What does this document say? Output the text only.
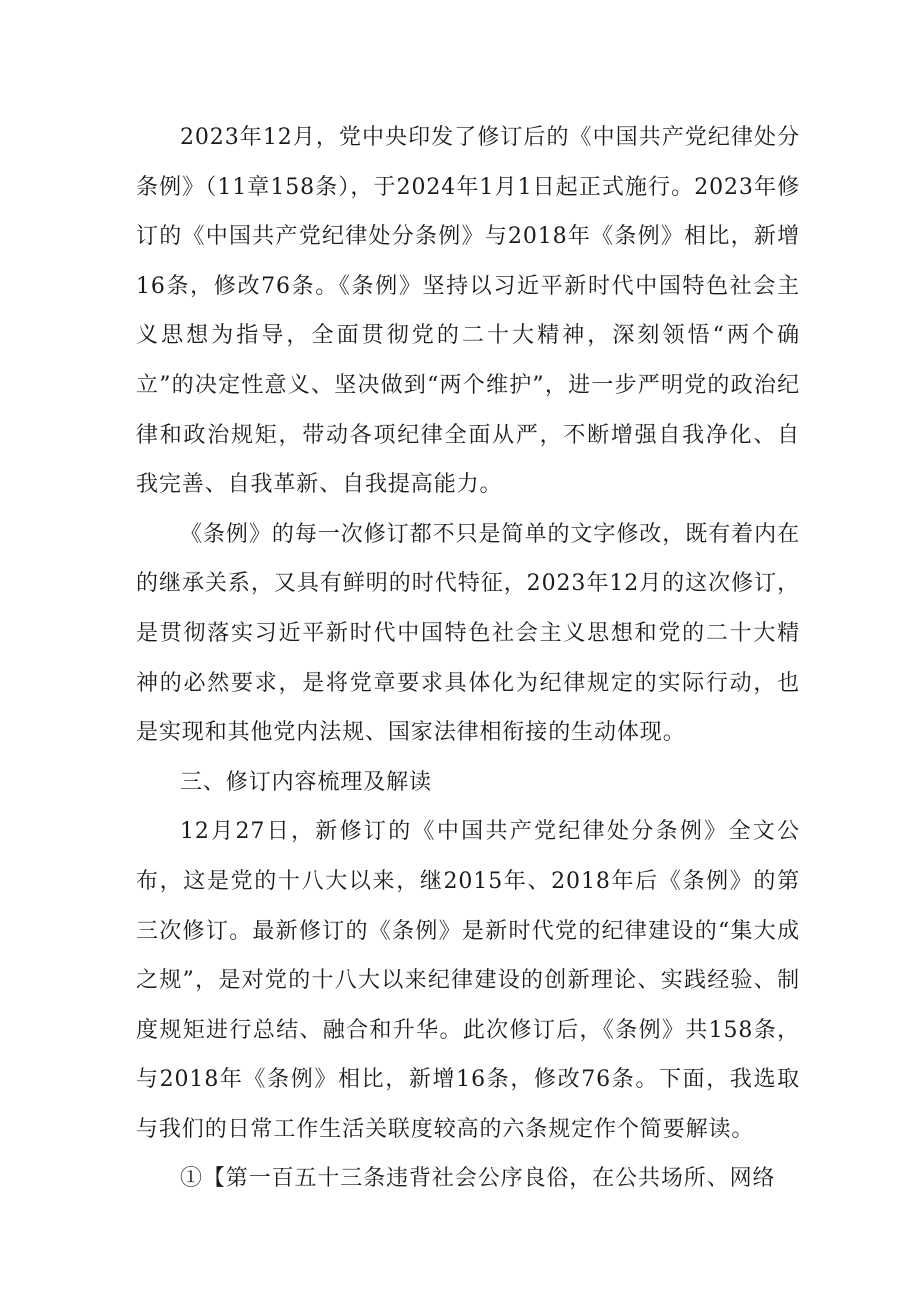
2023年12月，党中央印发了修订后的《中国共产党纪律处分条例》（11章158条），于2024年1月1日起正式施行。2023年修订的《中国共产党纪律处分条例》与2018年《条例》相比，新增16条，修改76条。《条例》坚持以习近平新时代中国特色社会主义思想为指导，全面贯彻党的二十大精神，深刻领悟“两个确立”的决定性意义、坚决做到“两个维护”，进一步严明党的政治纪律和政治规矩，带动各项纪律全面从严，不断增强自我净化、自我完善、自我革新、自我提高能力。

《条例》的每一次修订都不只是简单的文字修改，既有着内在的继承关系，又具有鲜明的时代特征，2023年12月的这次修订，是贯彻落实习近平新时代中国特色社会主义思想和党的二十大精神的必然要求，是将党章要求具体化为纪律规定的实际行动，也是实现和其他党内法规、国家法律相衔接的生动体现。

三、修订内容梳理及解读

12月27日，新修订的《中国共产党纪律处分条例》全文公布，这是党的十八大以来，继2015年、2018年后《条例》的第三次修订。最新修订的《条例》是新时代党的纪律建设的“集大成之规”，是对党的十八大以来纪律建设的创新理论、实践经验、制度规矩进行总结、融合和升华。此次修订后，《条例》共158条，与2018年《条例》相比，新增16条，修改76条。下面，我选取与我们的日常工作生活关联度较高的六条规定作个简要解读。

①【第一百五十三条违背社会公序良俗，在公共场所、网络
